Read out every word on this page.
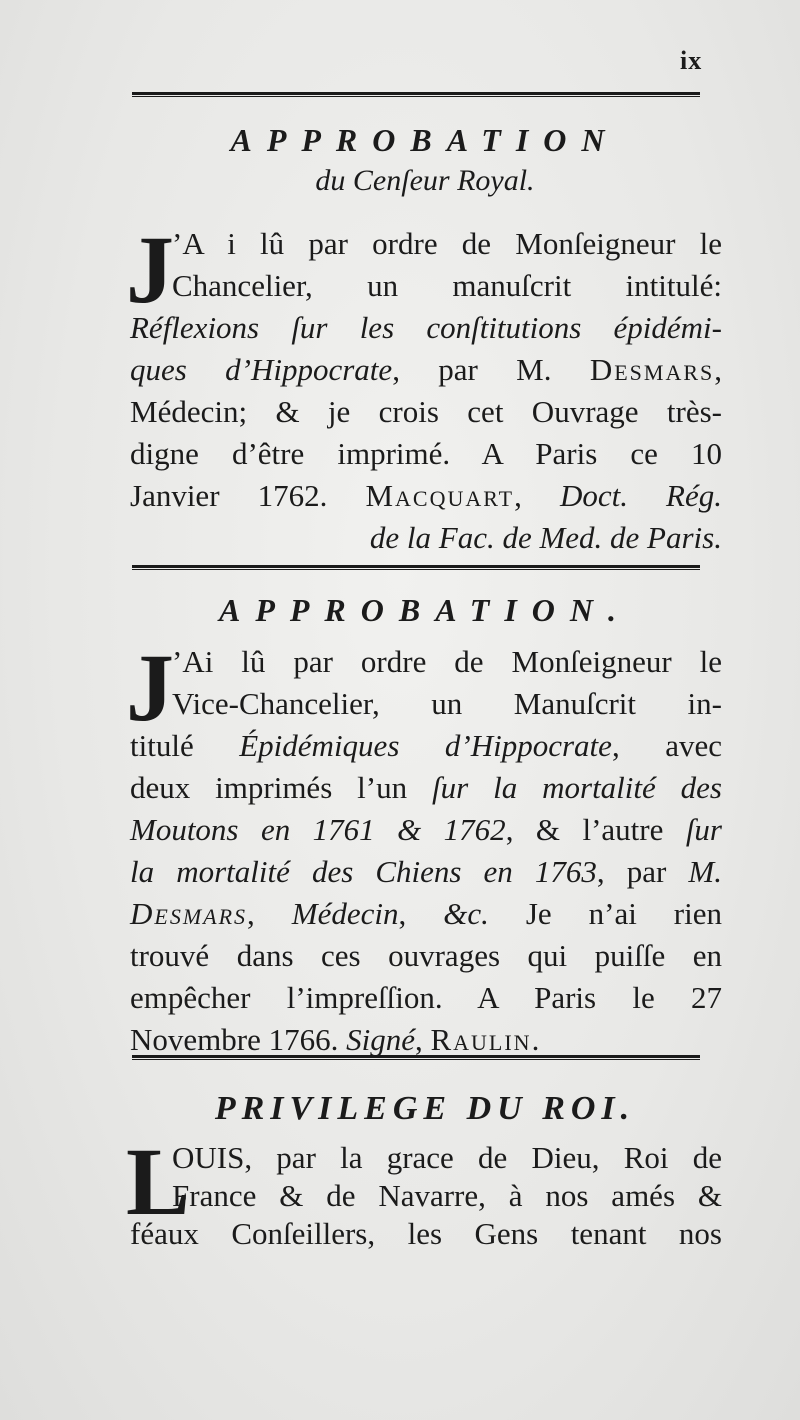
ix
APPROBATION
du Cenſeur Royal.
J
’A i lû par ordre de Monſeigneur le
Chancelier, un manuſcrit intitulé:
Réflexions ſur les conſtitutions épidémi-
ques d’Hippocrate, par M. Desmars,
Médecin; & je crois cet Ouvrage très-
digne d’être imprimé. A Paris ce 10
Janvier 1762. Macquart, Doct. Rég.
de la Fac. de Med. de Paris.
APPROBATION.
J
’Ai lû par ordre de Monſeigneur le
Vice-Chancelier, un Manuſcrit in-
titulé Épidémiques d’Hippocrate, avec
deux imprimés l’un ſur la mortalité des
Moutons en 1761 & 1762, & l’autre ſur
la mortalité des Chiens en 1763, par M.
Desmars, Médecin, &c. Je n’ai rien
trouvé dans ces ouvrages qui puiſſe en
empêcher l’impreſſion. A Paris le 27
Novembre 1766. Signé, Raulin.
PRIVILEGE DU ROI.
L
OUIS, par la grace de Dieu, Roi de
France & de Navarre, à nos amés &
féaux Conſeillers, les Gens tenant nos
